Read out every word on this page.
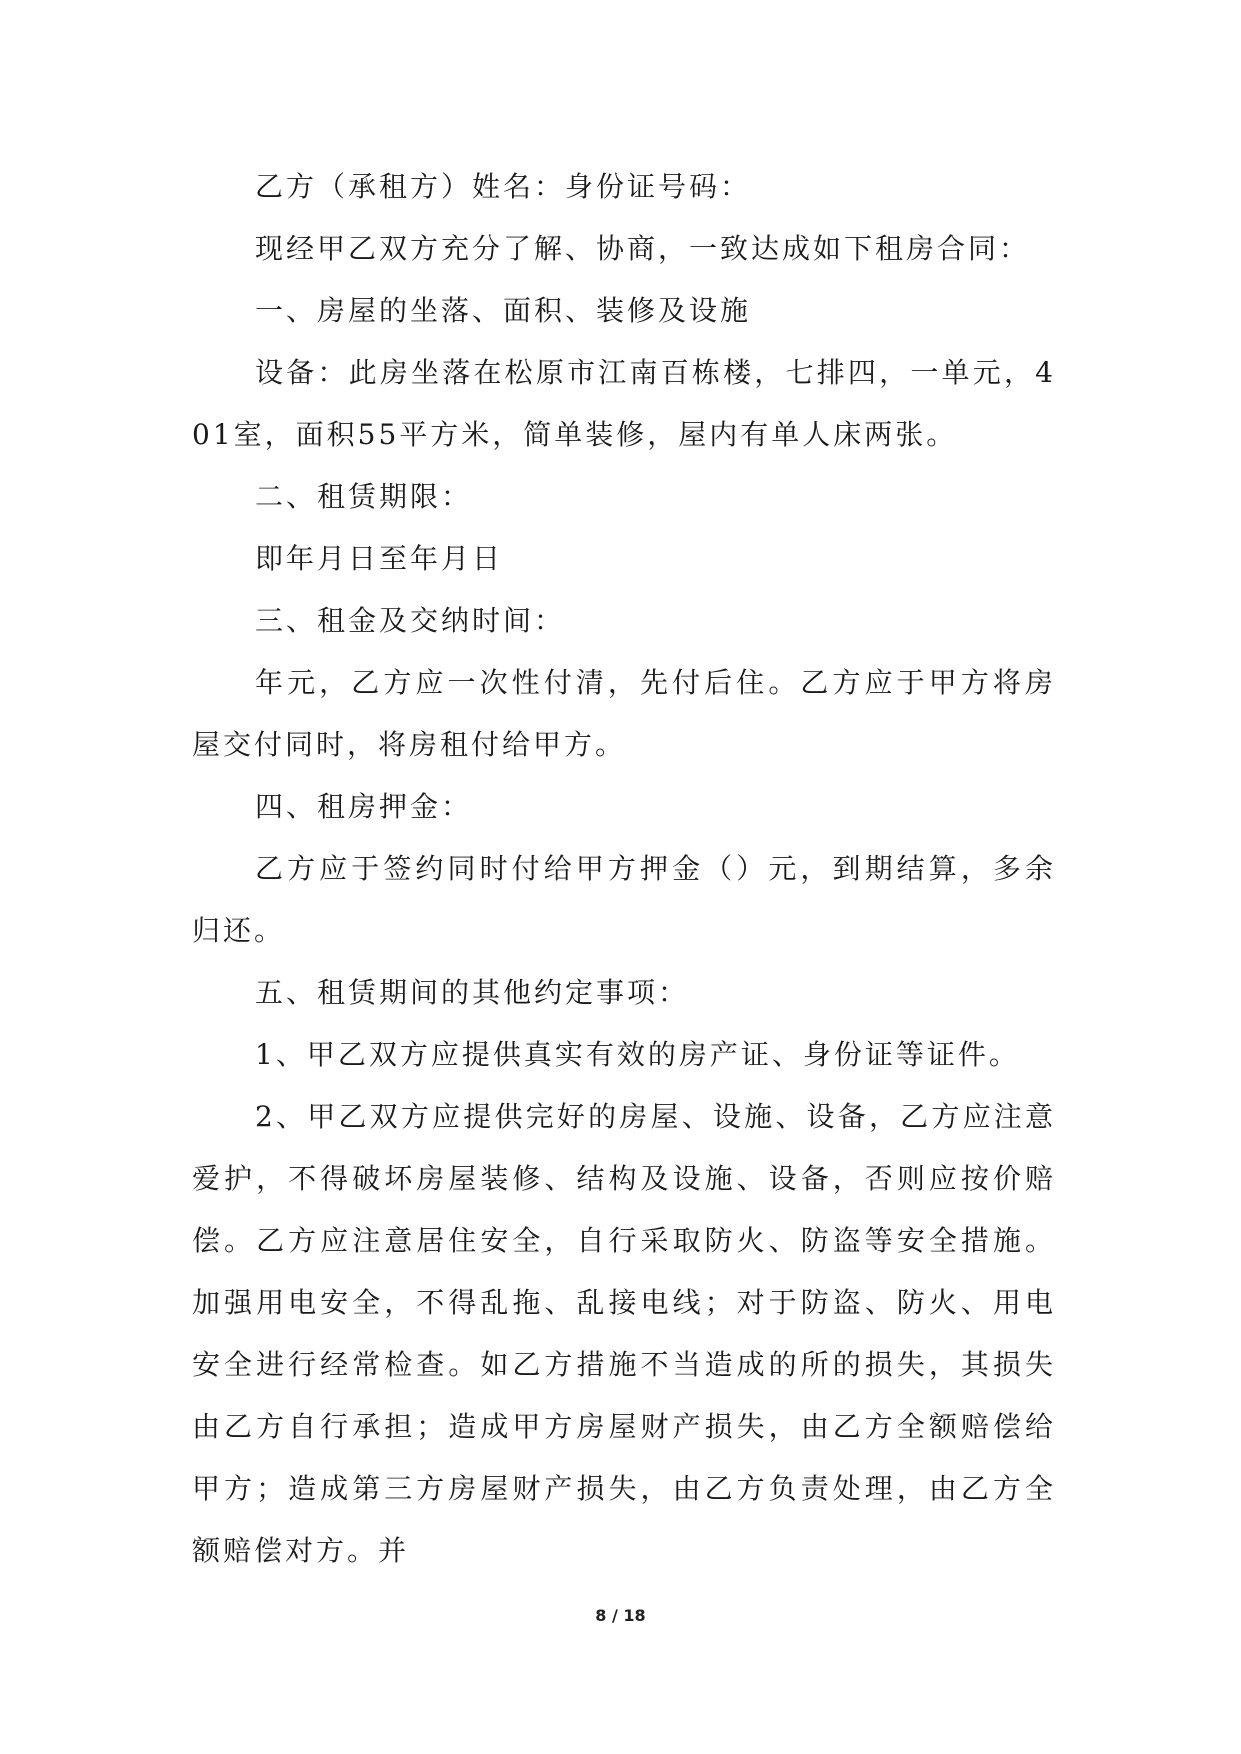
乙方（承租方）姓名：身份证号码：

现经甲乙双方充分了解、协商，一致达成如下租房合同：

一、房屋的坐落、面积、装修及设施

设备：此房坐落在松原市江南百栋楼，七排四，一单元，401室，面积55平方米，简单装修，屋内有单人床两张。

二、租赁期限：

即年月日至年月日

三、租金及交纳时间：

年元，乙方应一次性付清，先付后住。乙方应于甲方将房屋交付同时，将房租付给甲方。

四、租房押金：

乙方应于签约同时付给甲方押金（）元，到期结算，多余归还。

五、租赁期间的其他约定事项：

1、甲乙双方应提供真实有效的房产证、身份证等证件。

2、甲乙双方应提供完好的房屋、设施、设备，乙方应注意爱护，不得破坏房屋装修、结构及设施、设备，否则应按价赔偿。乙方应注意居住安全，自行采取防火、防盗等安全措施。加强用电安全，不得乱拖、乱接电线；对于防盗、防火、用电安全进行经常检查。如乙方措施不当造成的所的损失，其损失由乙方自行承担；造成甲方房屋财产损失，由乙方全额赔偿给甲方；造成第三方房屋财产损失，由乙方负责处理，由乙方全额赔偿对方。并

8 / 18
